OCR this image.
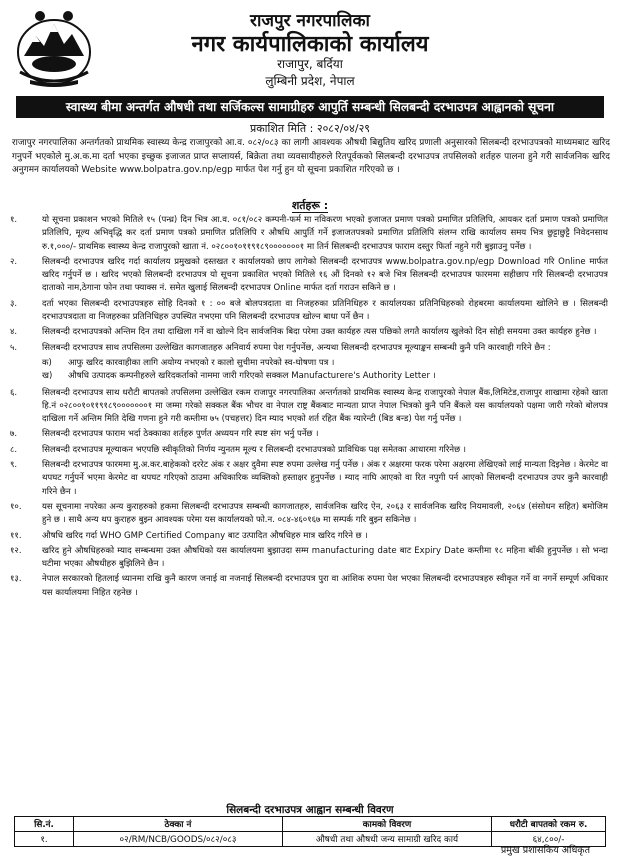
राजपुर नगरपालिका
नगर कार्यपालिकाको कार्यालय
राजापुर, बर्दिया
लुम्बिनी प्रदेश, नेपाल
स्वास्थ्य बीमा अन्तर्गत औषधी तथा सर्जिकल्स सामाग्रीहरु आपुर्ति सम्बन्धी सिलबन्दी दरभाउपत्र आह्वानको सूचना
प्रकाशित मिति : २०८२/०४/२९

राजापुर नगरपालिका अन्तर्गतको प्राथमिक स्वास्थ्य केन्द्र राजापुरको आ.व. ०८२/०८३ का लागी आवश्यक औषधी बिद्युतिय खरिद प्रणाली अनुसारको सिलबन्दी दरभाउपत्रको माध्यमबाट खरिद गनुपर्ने भएकोले मु.अ.क.मा दर्ता भएका इच्छुक इजाजत प्राप्त सप्लायर्स, बिक्रेता तथा व्यवसायीहरुले रितपूर्वकको सिलबन्दी दरभाउपत्र तपसिलको शर्तहरु पालना हुने गरी सार्वजनिक खरिद अनुगमन कार्यालयको Website www.bolpatra.gov.np/egp मार्फत पेश गर्नु हुन यो सूचना प्रकाशित गरिएको छ ।

शर्तहरू :
१.	यो सूचना प्रकाशन भएको मितिले १५ (पन्ध्र) दिन भित्र आ.व. ०८१/०८२ कम्पनी-फर्म मा नविकरण भएको इजाजत प्रमाण पत्रको प्रमाणित प्रतिलिपि, आयकर दर्ता प्रमाण पत्रको प्रमाणित प्रतिलिपि, मूल्य अभिवृद्धि कर दर्ता प्रमाण पत्रको प्रमाणित प्रतिलिपि र औषधि आपुर्ति गर्ने इजाजतपत्रको प्रमाणित प्रतिलिपि संलग्न राखि कार्यालय समय भित्र छुट्टाछुट्टै निवेदनसाथ रु.१,०००/- प्राथमिक स्वास्थ्य केन्द्र राजापुरको खाता नं. ०२८००१०११९१८९०००००००१ मा तिर्न सिलबन्दी दरभाउपत्र फाराम दस्तुर फिर्ता नहुने गरी बुझाउनु पर्नेछ ।
२.	सिलबन्दी दरभाउपत्र खरिद गर्दा कार्यालय प्रमुखको दस्तखत र कार्यालयको छाप लागेको सिलबन्दी दरभाउपत्र www.bolpatra.gov.np/egp Download गरि Online मार्फत खरिद गर्नुपर्ने छ । खरिद भएको सिलबन्दी दरभाउपत्र यो सूचना प्रकाशित भएको मितिले १६ औं दिनको १२ बजे भित्र सिलबन्दी दरभाउपत्र फारममा सहीछाप गरि सिलबन्दी दरभाउपत्र दाताको नाम,ठेगाना फोन तथा फ्याक्स नं. समेत खुलाई सिलबन्दी दरभाउपत्र Online मार्फत दर्ता गराउन सकिने छ ।
३.	दर्ता भएका सिलबन्दी दरभाउपत्रहरु सोहि दिनको १ : ०० बजे बोलपत्रदाता वा निजहरुका प्रतिनिधिहरु र कार्यालयका प्रतिनिधिहरुको रोहबरमा कार्यालयमा खोलिने छ । सिलबन्दी दरभाउपत्रदाता वा निजहरुका प्रतिनिधिहरु उपस्थित नभएमा पनि सिलबन्दी दरभाउपत्र खोल्न बाधा पर्ने छैन ।
४.	सिलबन्दी दरभाउपत्रको अन्तिम दिन तथा दाखिला गर्ने वा खोल्ने दिन सार्वजनिक बिदा परेमा उक्त कार्यहरु त्यस पछिको लगतै कार्यालय खुलेको दिन सोही समयमा उक्त कार्यहरु हुनेछ ।
५.	सिलबन्दी दरभाउपत्र साथ तपसिलमा उल्लेखित कागजातहरु अनिवार्य रुपमा पेश गर्नुपर्नेछ, अन्यथा सिलबन्दी दरभाउपत्र मूल्याङ्कन सम्बन्धी कुनै पनि कारवाही गरिने छैन :
क) आफु खरिद कारवाहीका लागि अयोग्य नभएको र कालो सुचीमा नपरेको स्व-घोषणा पत्र ।
ख) औषधि उत्पादक कम्पनीहरुले खरिदकर्ताको नाममा जारी गरिएको सक्कल Manufacturere's Authority Letter ।
६.	सिलबन्दी दरभाउपत्र साथ धरौटी बापतको तपसिलमा उल्लेखित रकम राजापुर नगरपालिका अन्तर्गतको प्राथमिक स्वास्थ्य केन्द्र राजापुरको नेपाल बैंक,लिमिटेड,राजापुर शाखामा रहेको खाता हि.नं ०२८००१०११९१८९०००००००१ मा जम्मा गरेको सक्कल बैंक भौचर वा नेपाल राष्ट्र बैंकबाट मान्यता प्राप्त नेपाल भित्रको कुनै पनि बैंकले यस कार्यालयको पक्षमा जारी गरेको बोलपत्र दाखिला गर्ने अन्तिम मिति देखि गणना हुने गरी कम्तीमा ७५ (पचहत्तर) दिन म्याद भएको शर्त रहित बैंक ग्यारेन्टी (बिड बन्ड) पेश गर्नु पर्नेछ ।
७.	सिलबन्दी दरभाउपत्र फाराम भर्दा ठेक्काका शर्तहरु पुर्णत अध्ययन गरि स्पष्ट संग भर्नु पर्नेछ ।
८.	सिलबन्दी दरभाउपत्र मूल्याकन भएपछि स्वीकृतिको निर्णय न्युनतम मूल्य र सिलबन्दी दरभाउपत्रको प्राविधिक पक्ष समेतका आधारमा गरिनेछ ।
९.	सिलबन्दी दरभाउपत्र फारममा मु.अ.कर.बाहेकको दररेट अंक र अक्षर दुवैमा स्पष्ट रुपमा उल्लेख गर्नु पर्नेछ । अंक र अक्षरमा फरक परेमा अक्षरमा लेखिएको लाई मान्यता दिइनेछ । केरमेट वा थपघट गर्नुपर्ने भएमा केरमेट वा थपघट गरिएको ठाउमा अधिकारिक व्यक्तिको हस्ताक्षर हुनुपर्नेछ । म्याद नाघि आएको वा रित नपुगी पर्न आएको सिलबन्दी दरभाउपत्र उपर कुनै कारवाही गरिने छैन ।
१०.	यस सूचनामा नपरेका अन्य कुराहरुको हकमा सिलबन्दी दरभाउपत्र सम्बन्धी कागजातहरु, सार्वजनिक खरिद ऐन, २०६३ र सार्वजनिक खरिद नियमावली, २०६४ (संसोधन सहित) बमोजिम हुने छ । साथै अन्य थप कुराहरु बुझ्न आवश्यक परेमा यस कार्यालयको फो.न. ०८४-४६०१६७ मा सम्पर्क गरि बुझ्न सकिनेछ ।
११.	औषधि खरिद गर्दा WHO GMP Certified Company बाट उत्पादित औषधिहरु मात्र खरिद गरिने छ ।
१२.	खरिद हुने औषधिहरुको म्याद सम्बन्धमा उक्त औषधिको यस कार्यालयमा बुझाउदा सम्म manufacturing date बाट Expiry Date कम्तीमा १८ महिना बाँकी हुनुपर्नेछ । सो भन्दा घटीमा भएका औषधीहरु बुझिलिने छैन ।
१३.	नेपाल सरकारको हितलाई ध्यानमा राखि कुनै कारण जनाई वा नजनाई सिलबन्दी दरभाउपत्र पुरा वा आंशिक रुपमा पेश भएका सिलबन्दी दरभाउपत्रहरु स्वीकृत गर्ने वा नगर्ने सम्पूर्ण अधिकार यस कार्यालयमा निहित रहनेछ ।
सिलबन्दी दरभाउपत्र आह्वान सम्बन्धी विवरण
सि.नं.	ठेक्का नं	कामको विवरण	धरौटी बापतको रकम रु.
१.	०२/RM/NCB/GOODS/०८२/०८३	औषधी तथा औषधी जन्य सामाग्री खरिद कार्य	६४,८००/-
प्रमुख प्रशासकिय अधिकृत
